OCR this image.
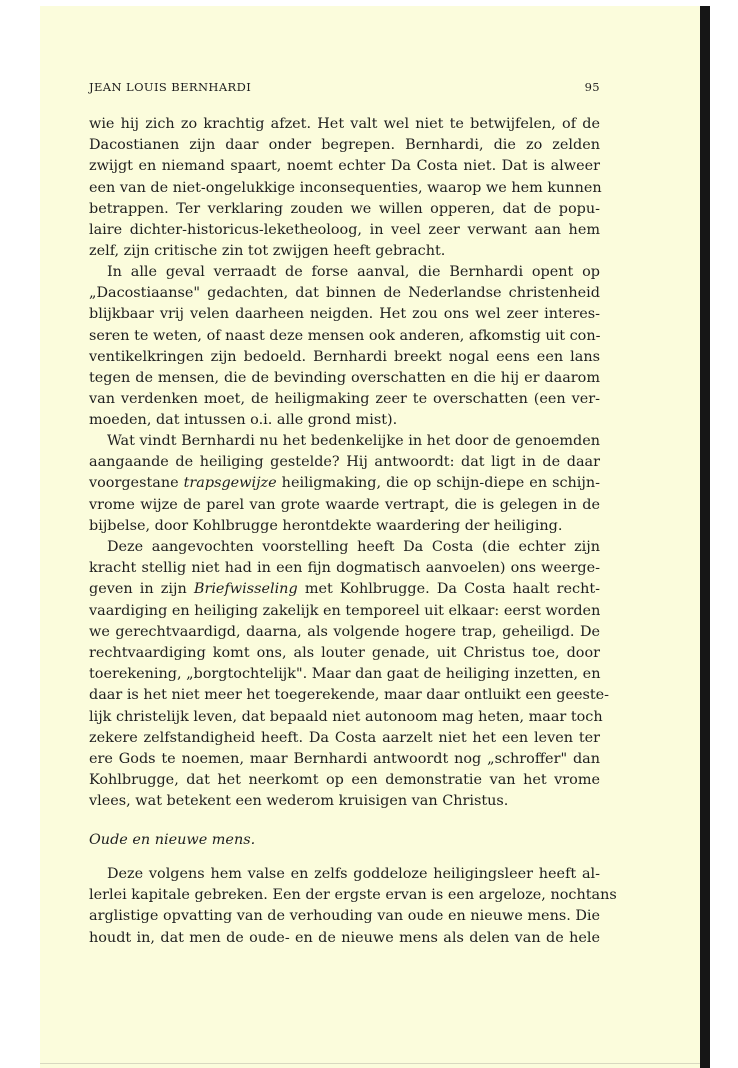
JEAN LOUIS BERNHARDI	95
wie hij zich zo krachtig afzet. Het valt wel niet te betwijfelen, of de
Dacostianen zijn daar onder begrepen. Bernhardi, die zo zelden
zwijgt en niemand spaart, noemt echter Da Costa niet. Dat is alweer
een van de niet-ongelukkige inconsequenties, waarop we hem kunnen
betrappen. Ter verklaring zouden we willen opperen, dat de popu-
laire dichter-historicus-leketheoloog, in veel zeer verwant aan hem
zelf, zijn critische zin tot zwijgen heeft gebracht.
In alle geval verraadt de forse aanval, die Bernhardi opent op
„Dacostiaanse" gedachten, dat binnen de Nederlandse christenheid
blijkbaar vrij velen daarheen neigden. Het zou ons wel zeer interes-
seren te weten, of naast deze mensen ook anderen, afkomstig uit con-
ventikelkringen zijn bedoeld. Bernhardi breekt nogal eens een lans
tegen de mensen, die de bevinding overschatten en die hij er daarom
van verdenken moet, de heiligmaking zeer te overschatten (een ver-
moeden, dat intussen o.i. alle grond mist).
Wat vindt Bernhardi nu het bedenkelijke in het door de genoemden
aangaande de heiliging gestelde? Hij antwoordt: dat ligt in de daar
voorgestane trapsgewijze heiligmaking, die op schijn-diepe en schijn-
vrome wijze de parel van grote waarde vertrapt, die is gelegen in de
bijbelse, door Kohlbrugge herontdekte waardering der heiliging.
Deze aangevochten voorstelling heeft Da Costa (die echter zijn
kracht stellig niet had in een fijn dogmatisch aanvoelen) ons weerge-
geven in zijn Briefwisseling met Kohlbrugge. Da Costa haalt recht-
vaardiging en heiliging zakelijk en temporeel uit elkaar: eerst worden
we gerechtvaardigd, daarna, als volgende hogere trap, geheiligd. De
rechtvaardiging komt ons, als louter genade, uit Christus toe, door
toerekening, „borgtochtelijk". Maar dan gaat de heiliging inzetten, en
daar is het niet meer het toegerekende, maar daar ontluikt een geeste-
lijk christelijk leven, dat bepaald niet autonoom mag heten, maar toch
zekere zelfstandigheid heeft. Da Costa aarzelt niet het een leven ter
ere Gods te noemen, maar Bernhardi antwoordt nog „schroffer" dan
Kohlbrugge, dat het neerkomt op een demonstratie van het vrome
vlees, wat betekent een wederom kruisigen van Christus.
Oude en nieuwe mens.
Deze volgens hem valse en zelfs goddeloze heiligingsleer heeft al-
lerlei kapitale gebreken. Een der ergste ervan is een argeloze, nochtans
arglistige opvatting van de verhouding van oude en nieuwe mens. Die
houdt in, dat men de oude- en de nieuwe mens als delen van de hele
